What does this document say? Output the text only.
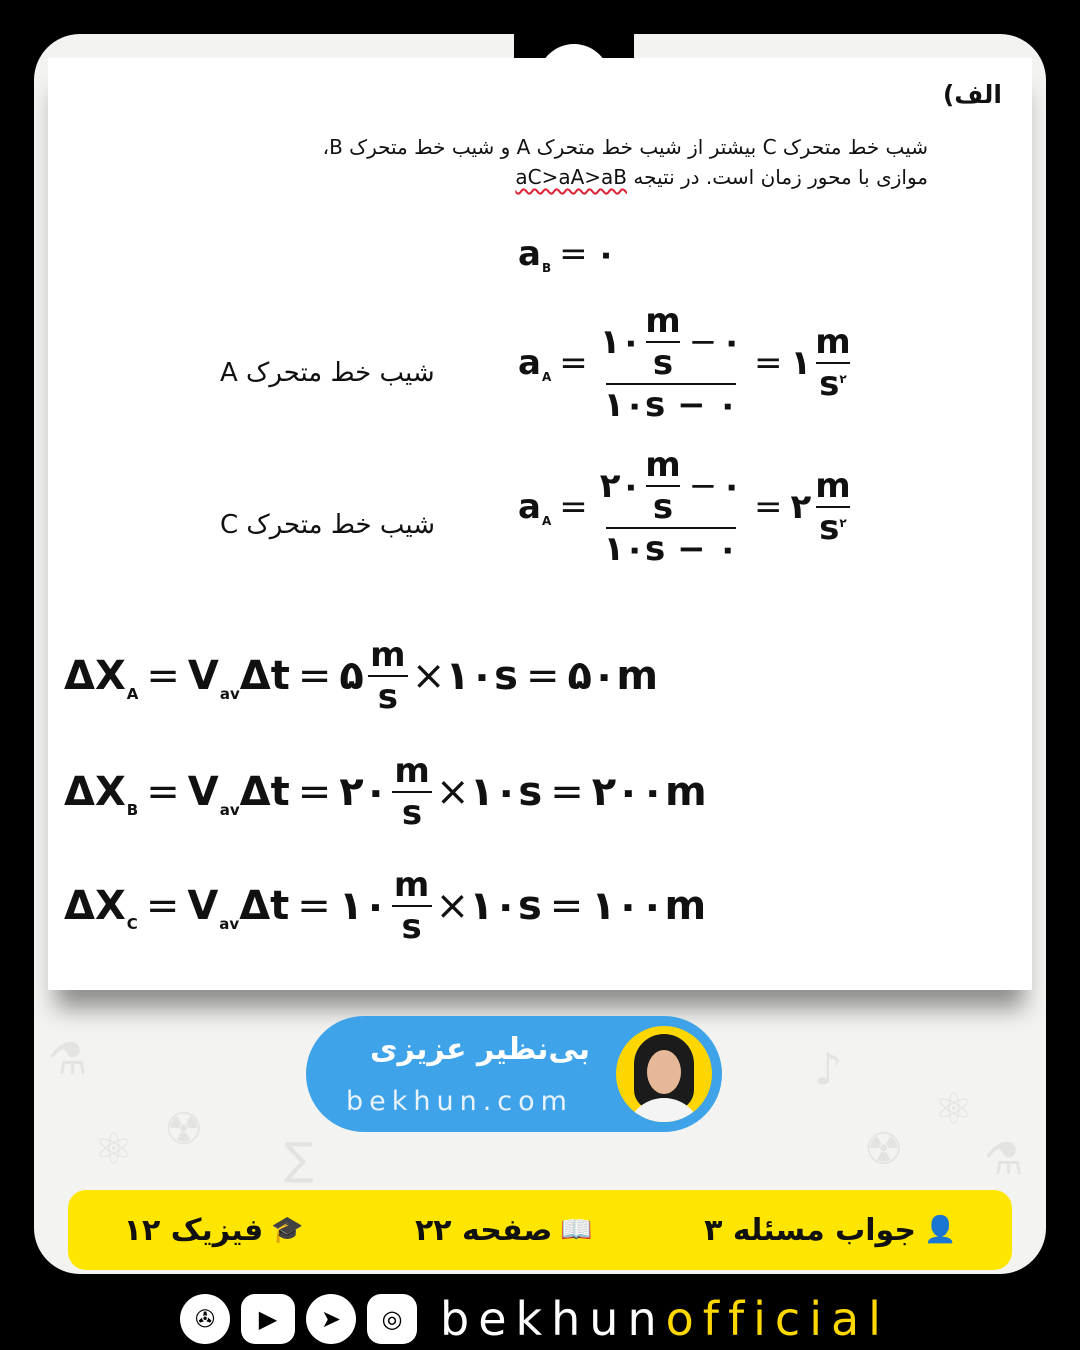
⚗
☢
⚛
♪
⚛
☢
∑	⚗
الف)
شیب خط متحرک C بیشتر از شیب خط متحرک A و شیب خط متحرک B،
موازی با محور زمان است. در نتیجه aC>aA>aB
a B = ۰
شیب خط متحرک A a A =
۱۰ $\frac{m}{s}$ − ۰
۱۰s − ۰
= ۱ $\frac{m}{s^۲}$
شیب خط متحرک C a A =
۲۰ $\frac{m}{s}$ − ۰
۱۰s − ۰
= ۲ $\frac{m}{s^۲}$
ΔX A = V av Δt = ۵ $\frac{m}{s}$ × ۱۰s = ۵۰m
ΔX B = V av Δt = ۲۰ $\frac{m}{s}$ × ۱۰s = ۲۰۰m
ΔX C = V av Δt = ۱۰ $\frac{m}{s}$ × ۱۰s = ۱۰۰m
بی‌نظیر عزیزی
bekhun.com
👤
جواب مسئله ۳
📖
صفحه ۲۲
🎓
فیزیک ۱۲
✇	▶	➤	◎ bekhunofficial
